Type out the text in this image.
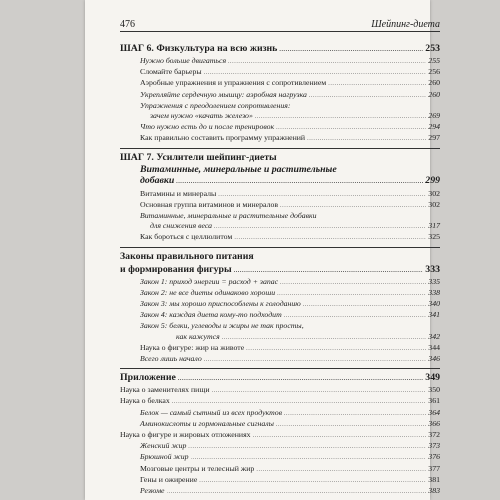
476	Шейпинг-диета
ШАГ 6. Физкультура на всю жизнь .....	253
Нужно больше двигаться .....	255
Сломайте барьеры .....	256
Аэробные упражнения и упражнения с сопротивлением .....	260
Укрепляйте сердечную мышцу: аэробная нагрузка .....	260
Упражнения с преодолением сопротивления:
зачем нужно «качать железо» .....	269
Что нужно есть до и после тренировок .....	294
Как правильно составить программу упражнений .....	297
ШАГ 7. Усилители шейпинг-диеты
Витаминные, минеральные и растительные
добавки .....	299
Витамины и минералы .....	302
Основная группа витаминов и минералов .....	302
Витаминные, минеральные и растительные добавки
для снижения веса .....	317
Как бороться с целлюлитом .....	325
Законы правильного питания
и формирования фигуры .....	333
Закон 1: приход энергии = расход + запас .....	335
Закон 2: не все диеты одинаково хороши .....	338
Закон 3: мы хорошо приспособлены к голоданию .....	340
Закон 4: каждая диета кому-то подходит .....	341
Закон 5: белки, углеводы и жиры не так просты,
как кажутся .....	342
Наука о фигуре: жир на животе .....	344
Всего лишь начало .....	346
Приложение .....	349
Наука о заменителях пищи .....	350
Наука о белках .....	361
Белок — самый сытный из всех продуктов .....	364
Аминокислоты и гормональные сигналы .....	366
Наука о фигуре и жировых отложениях .....	372
Женский жир .....	373
Брюшной жир .....	376
Мозговые центры и телесный жир .....	377
Гены и ожирение .....	381
Резюме .....	383
